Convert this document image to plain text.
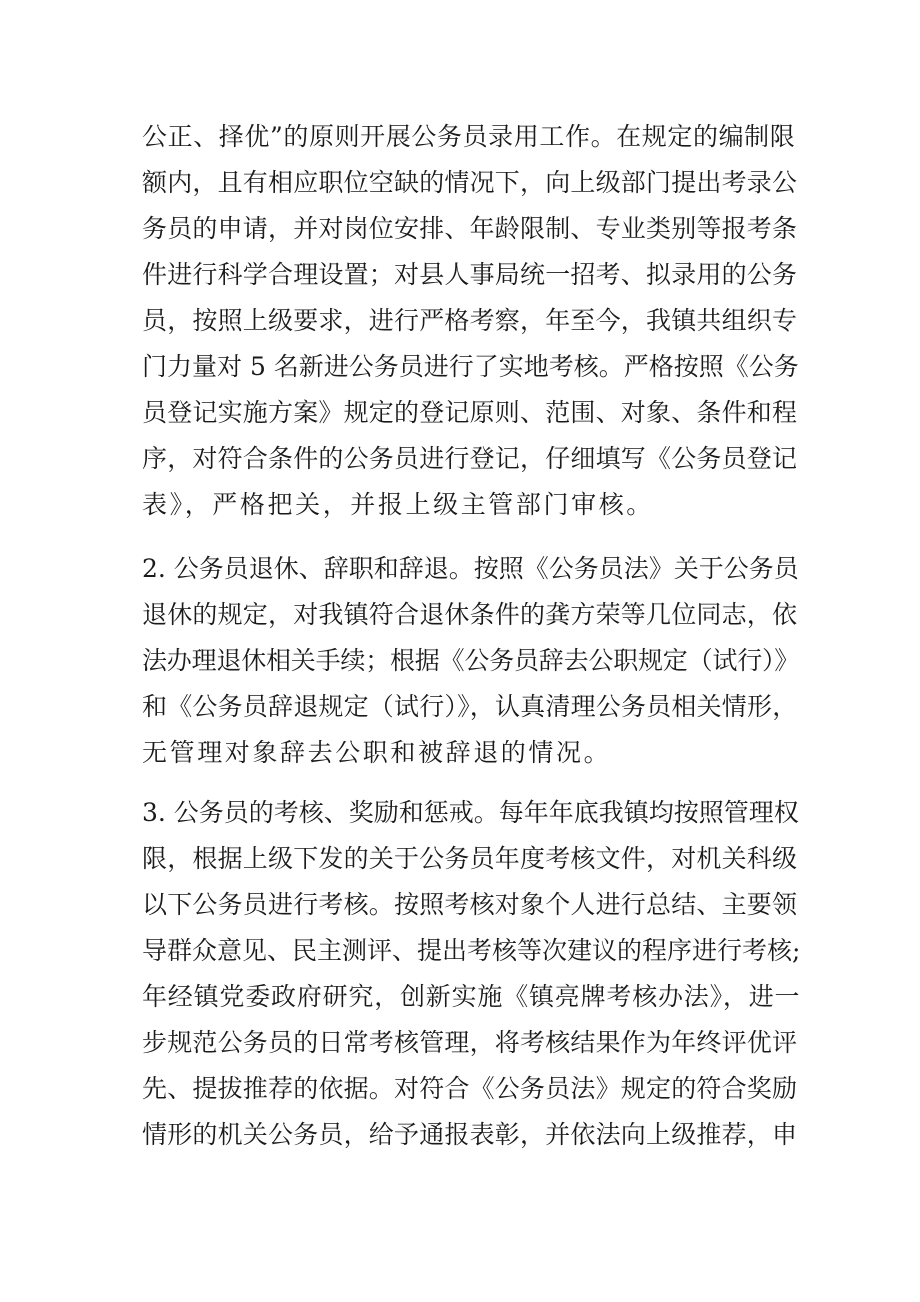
公正、择优”的原则开展公务员录用工作。在规定的编制限
额内，且有相应职位空缺的情况下，向上级部门提出考录公
务员的申请，并对岗位安排、年龄限制、专业类别等报考条
件进行科学合理设置；对县人事局统一招考、拟录用的公务
员，按照上级要求，进行严格考察，年至今，我镇共组织专
门力量对 5 名新进公务员进行了实地考核。严格按照《公务
员登记实施方案》规定的登记原则、范围、对象、条件和程
序，对符合条件的公务员进行登记，仔细填写《公务员登记
表》，严格把关，并报上级主管部门审核。
2. 公务员退休、辞职和辞退。按照《公务员法》关于公务员
退休的规定，对我镇符合退休条件的龚方荣等几位同志，依
法办理退休相关手续；根据《公务员辞去公职规定（试行）》
和《公务员辞退规定（试行）》，认真清理公务员相关情形，
无管理对象辞去公职和被辞退的情况。
3. 公务员的考核、奖励和惩戒。每年年底我镇均按照管理权
限，根据上级下发的关于公务员年度考核文件，对机关科级
以下公务员进行考核。按照考核对象个人进行总结、主要领
导群众意见、民主测评、提出考核等次建议的程序进行考核;
年经镇党委政府研究，创新实施《镇亮牌考核办法》，进一
步规范公务员的日常考核管理，将考核结果作为年终评优评
先、提拔推荐的依据。对符合《公务员法》规定的符合奖励
情形的机关公务员，给予通报表彰，并依法向上级推荐，申
